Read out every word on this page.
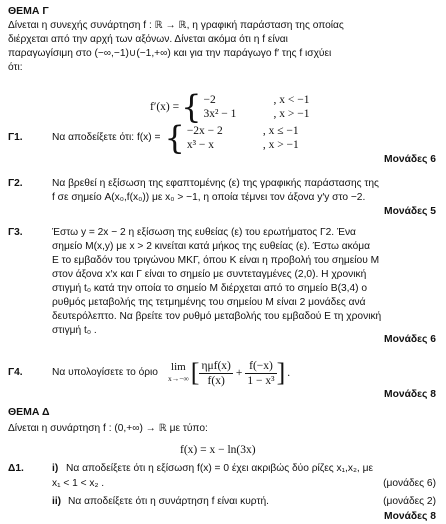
ΘΕΜΑ Γ
Δίνεται η συνεχής συνάρτηση f : ℝ → ℝ, η γραφική παράσταση της οποίας
διέρχεται από την αρχή των αξόνων. Δίνεται ακόμα ότι η f είναι
παραγωγίσιμη στο (−∞,−1)∪(−1,+∞) και για την παράγωγο f′ της f ισχύει
ότι:
f′(x) = { −2	, x < −1
3x² − 1	, x > −1
Γ1.	Να αποδείξετε ότι: f(x) = { −2x − 2	, x ≤ −1
x³ − x	, x > −1
Μονάδες 6
Γ2.	Να βρεθεί η εξίσωση της εφαπτομένης (ε) της γραφικής παράστασης της
f σε σημείο A(x₀,f(x₀)) με x₀ > −1, η οποία τέμνει τον άξονα y′y στο −2.
Μονάδες 5
Γ3.	Έστω y = 2x − 2 η εξίσωση της ευθείας (ε) του ερωτήματος Γ2. Ένα
σημείο M(x,y) με x > 2 κινείται κατά μήκος της ευθείας (ε). Έστω ακόμα
E το εμβαδόν του τριγώνου ΜΚΓ, όπου Κ είναι η προβολή του σημείου M
στον άξονα x′x και Γ είναι το σημείο με συντεταγμένες (2,0). Η χρονική
στιγμή t₀ κατά την οποία το σημείο M διέρχεται από το σημείο B(3,4) ο
ρυθμός μεταβολής της τετμημένης του σημείου M είναι 2 μονάδες ανά
δευτερόλεπτο. Να βρείτε τον ρυθμό μεταβολής του εμβαδού E τη χρονική
στιγμή t₀ .
Μονάδες 6
Γ4.	Να υπολογίσετε το όριο lim
x→−∞ [ $\frac{\text{ημf(x)}}{f(x)} + \frac{f(-x)}{\text{1 − x³}}$ ] .
Μονάδες 8
ΘΕΜΑ Δ
Δίνεται η συνάρτηση f : (0,+∞) → ℝ με τύπο:
f(x) = x − ln(3x)
Δ1.	i) Να αποδείξετε ότι η εξίσωση f(x) = 0 έχει ακριβώς δύο ρίζες x₁,x₂, με
x₁ < 1 < x₂ .	(μονάδες 6)
ii) Να αποδείξετε ότι η συνάρτηση f είναι κυρτή.	(μονάδες 2)
Μονάδες 8
